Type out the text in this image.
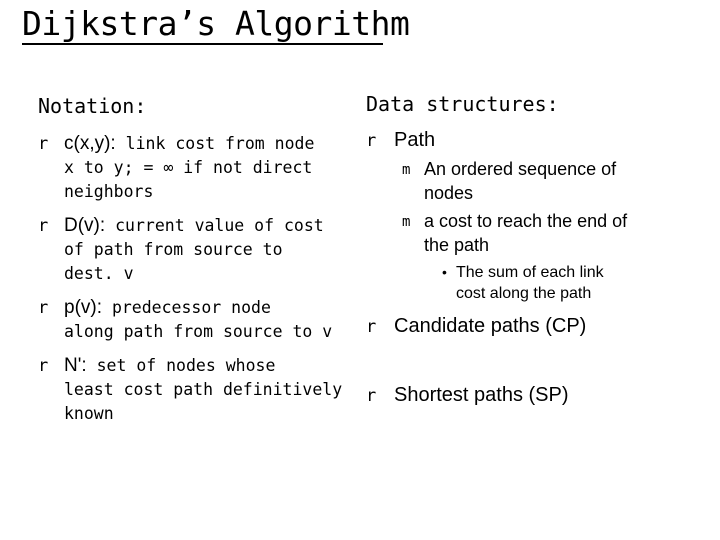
Dijkstra’s Algorithm
Notation:
r c(x,y): link cost from node
x to y; = ∞ if not direct
neighbors
r D(v): current value of cost
of path from source to
dest. v
r p(v): predecessor node
along path from source to v
r N': set of nodes whose
least cost path definitively
known
Data structures:
r Path
m An ordered sequence of
nodes
m a cost to reach the end of
the path
• The sum of each link
cost along the path
r Candidate paths (CP)
r Shortest paths (SP)
